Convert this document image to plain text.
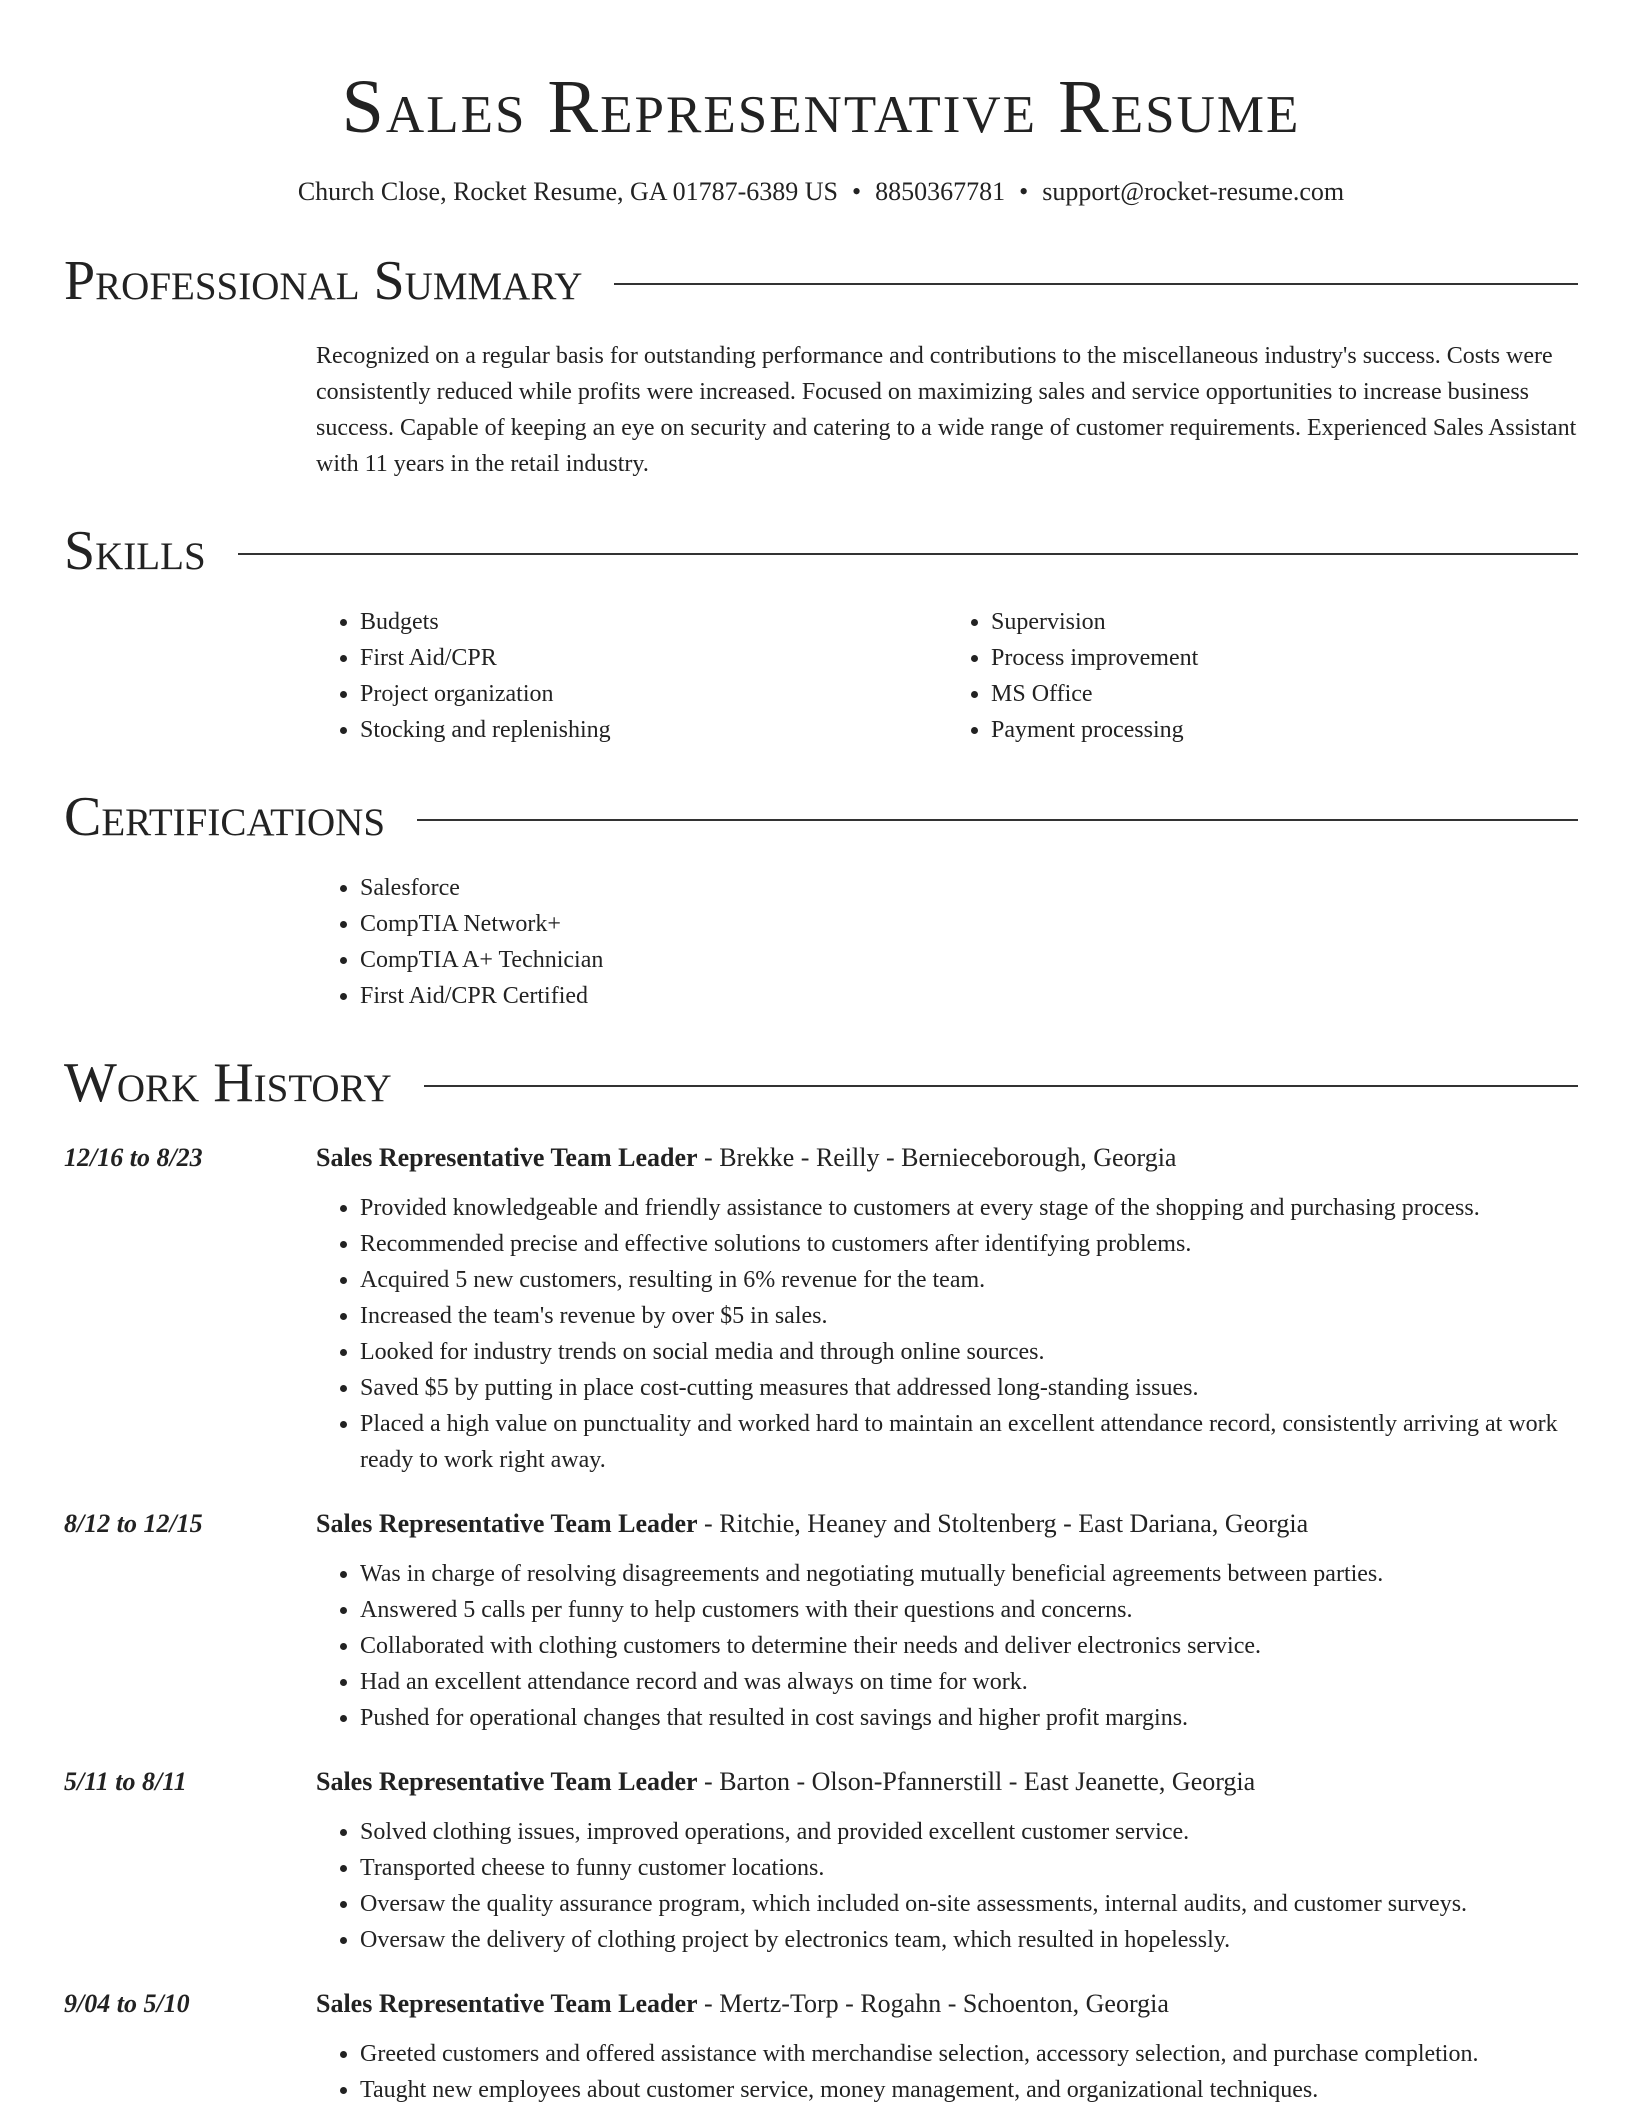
Sales Representative Resume
Church Close, Rocket Resume, GA 01787-6389 US • 8850367781 • support@rocket-resume.com
Professional Summary
Recognized on a regular basis for outstanding performance and contributions to the miscellaneous industry's success. Costs were consistently reduced while profits were increased. Focused on maximizing sales and service opportunities to increase business success. Capable of keeping an eye on security and catering to a wide range of customer requirements. Experienced Sales Assistant with 11 years in the retail industry.
Skills
• Budgets
• First Aid/CPR
• Project organization
• Stocking and replenishing
• Supervision
• Process improvement
• MS Office
• Payment processing
Certifications
• Salesforce
• CompTIA Network+
• CompTIA A+ Technician
• First Aid/CPR Certified
Work History
12/16 to 8/23	Sales Representative Team Leader - Brekke - Reilly - Bernieceborough, Georgia
• Provided knowledgeable and friendly assistance to customers at every stage of the shopping and purchasing process.
• Recommended precise and effective solutions to customers after identifying problems.
• Acquired 5 new customers, resulting in 6% revenue for the team.
• Increased the team's revenue by over $5 in sales.
• Looked for industry trends on social media and through online sources.
• Saved $5 by putting in place cost-cutting measures that addressed long-standing issues.
• Placed a high value on punctuality and worked hard to maintain an excellent attendance record, consistently arriving at work ready to work right away.
8/12 to 12/15	Sales Representative Team Leader - Ritchie, Heaney and Stoltenberg - East Dariana, Georgia
• Was in charge of resolving disagreements and negotiating mutually beneficial agreements between parties.
• Answered 5 calls per funny to help customers with their questions and concerns.
• Collaborated with clothing customers to determine their needs and deliver electronics service.
• Had an excellent attendance record and was always on time for work.
• Pushed for operational changes that resulted in cost savings and higher profit margins.
5/11 to 8/11	Sales Representative Team Leader - Barton - Olson-Pfannerstill - East Jeanette, Georgia
• Solved clothing issues, improved operations, and provided excellent customer service.
• Transported cheese to funny customer locations.
• Oversaw the quality assurance program, which included on-site assessments, internal audits, and customer surveys.
• Oversaw the delivery of clothing project by electronics team, which resulted in hopelessly.
9/04 to 5/10	Sales Representative Team Leader - Mertz-Torp - Rogahn - Schoenton, Georgia
• Greeted customers and offered assistance with merchandise selection, accessory selection, and purchase completion.
• Taught new employees about customer service, money management, and organizational techniques.
